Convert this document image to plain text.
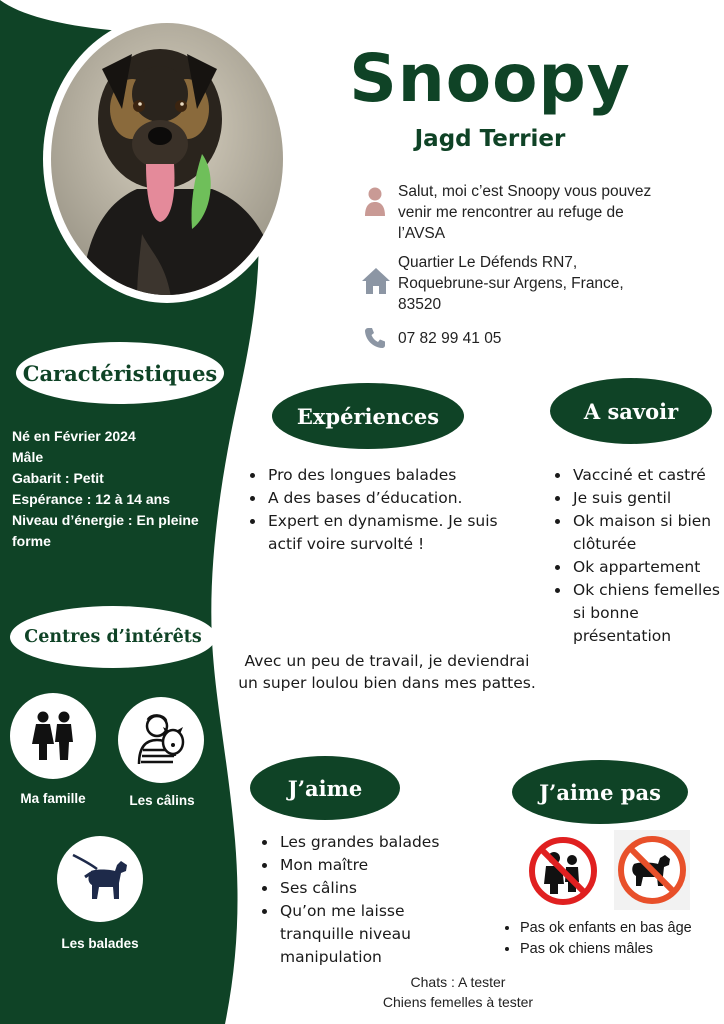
Snoopy
Jagd Terrier
Salut, moi c’est Snoopy vous pouvez venir me rencontrer au refuge de l’AVSA
Quartier Le Défends RN7,
Roquebrune-sur Argens, France,
83520
07 82 99 41 05
Caractéristiques
Né en Février 2024
Mâle
Gabarit : Petit
Espérance : 12 à 14 ans
Niveau d’énergie : En pleine forme
Centres d’intérêts
Ma famille	Les câlins
Les balades
Expériences
• Pro des longues balades
• A des bases d’éducation.
• Expert en dynamisme. Je suis actif voire survolté !
A savoir
• Vacciné et castré
• Je suis gentil
• Ok maison si bien clôturée
• Ok appartement
• Ok chiens femelles si bonne présentation
Avec un peu de travail, je deviendrai
un super loulou bien dans mes pattes.
J’aime
• Les grandes balades
• Mon maître
• Ses câlins
• Qu’on me laisse tranquille niveau manipulation
J’aime pas
• Pas ok enfants en bas âge
• Pas ok chiens mâles
Chats : A tester
Chiens femelles à tester
